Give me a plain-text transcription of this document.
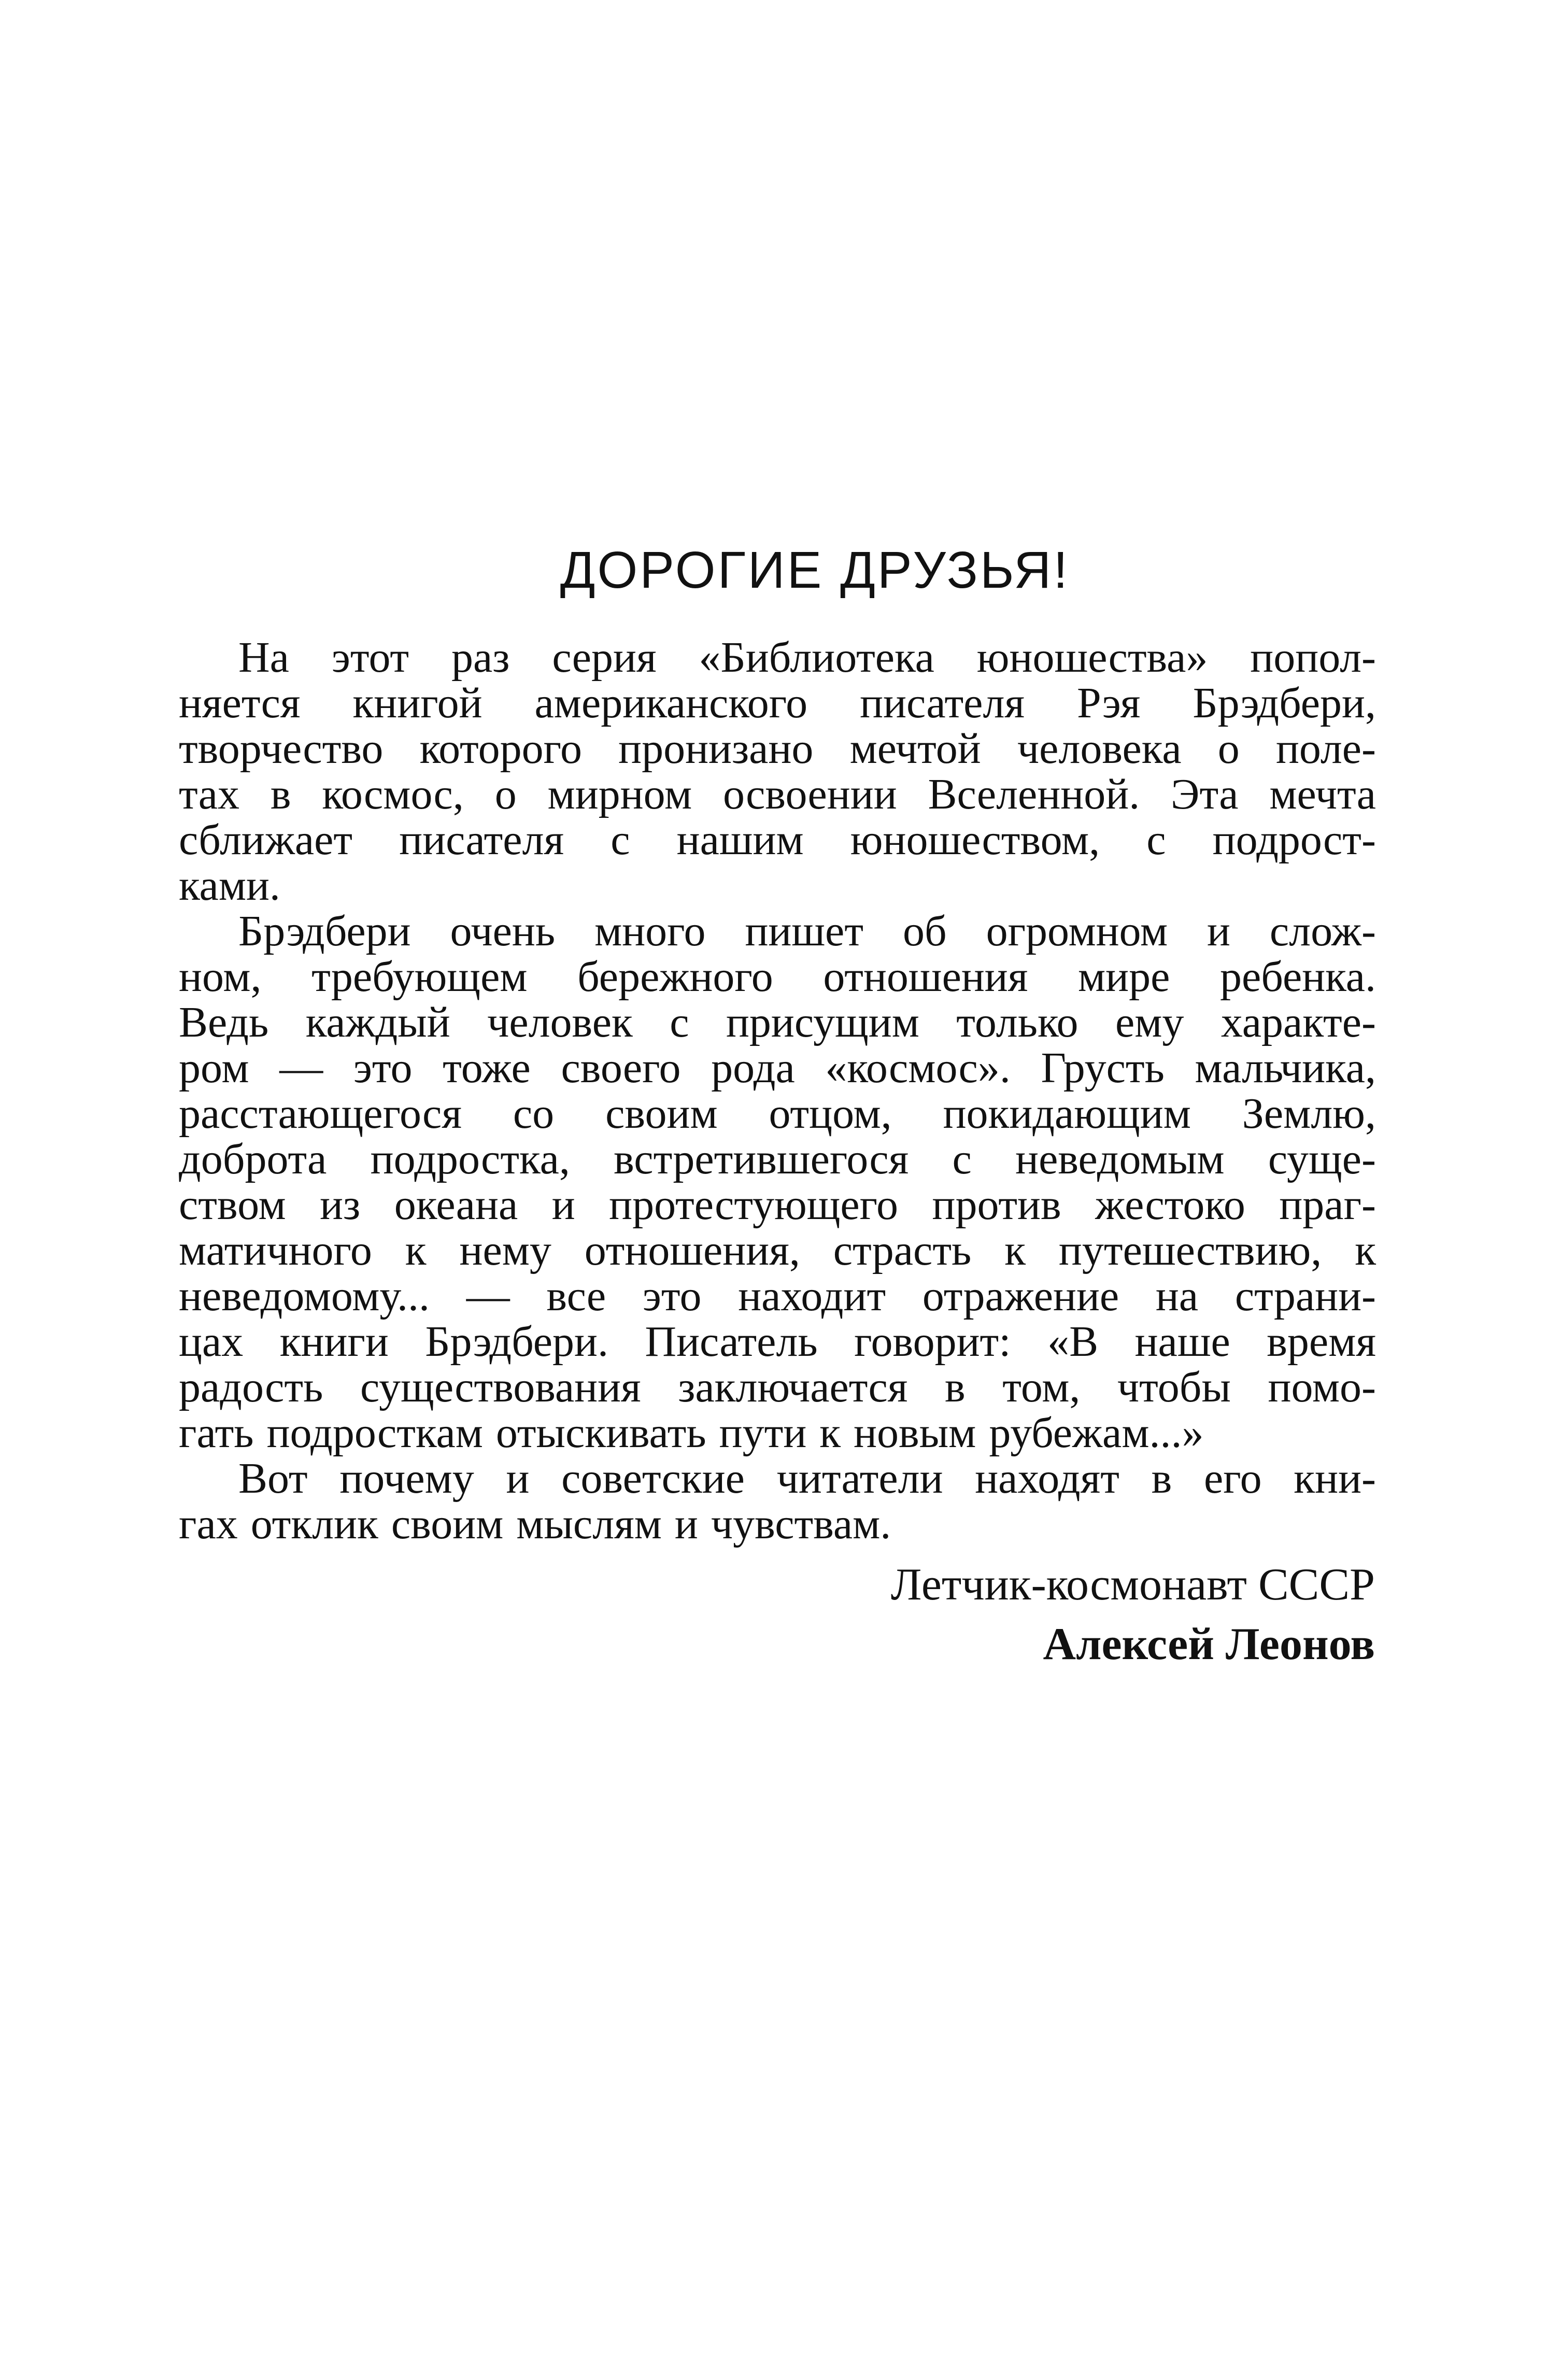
ДОРОГИЕ ДРУЗЬЯ!
На этот раз серия «Библиотека юношества» попол-
няется книгой американского писателя Рэя Брэдбери,
творчество которого пронизано мечтой человека о поле-
тах в космос, о мирном освоении Вселенной. Эта мечта
сближает писателя с нашим юношеством, с подрост-
ками.
Брэдбери очень много пишет об огромном и слож-
ном, требующем бережного отношения мире ребенка.
Ведь каждый человек с присущим только ему характе-
ром — это тоже своего рода «космос». Грусть мальчика,
расстающегося со своим отцом, покидающим Землю,
доброта подростка, встретившегося с неведомым суще-
ством из океана и протестующего против жестоко праг-
матичного к нему отношения, страсть к путешествию, к
неведомому... — все это находит отражение на страни-
цах книги Брэдбери. Писатель говорит: «В наше время
радость существования заключается в том, чтобы помо-
гать подросткам отыскивать пути к новым рубежам...»
Вот почему и советские читатели находят в его кни-
гах отклик своим мыслям и чувствам.
Летчик-космонавт СССР
Алексей Леонов
